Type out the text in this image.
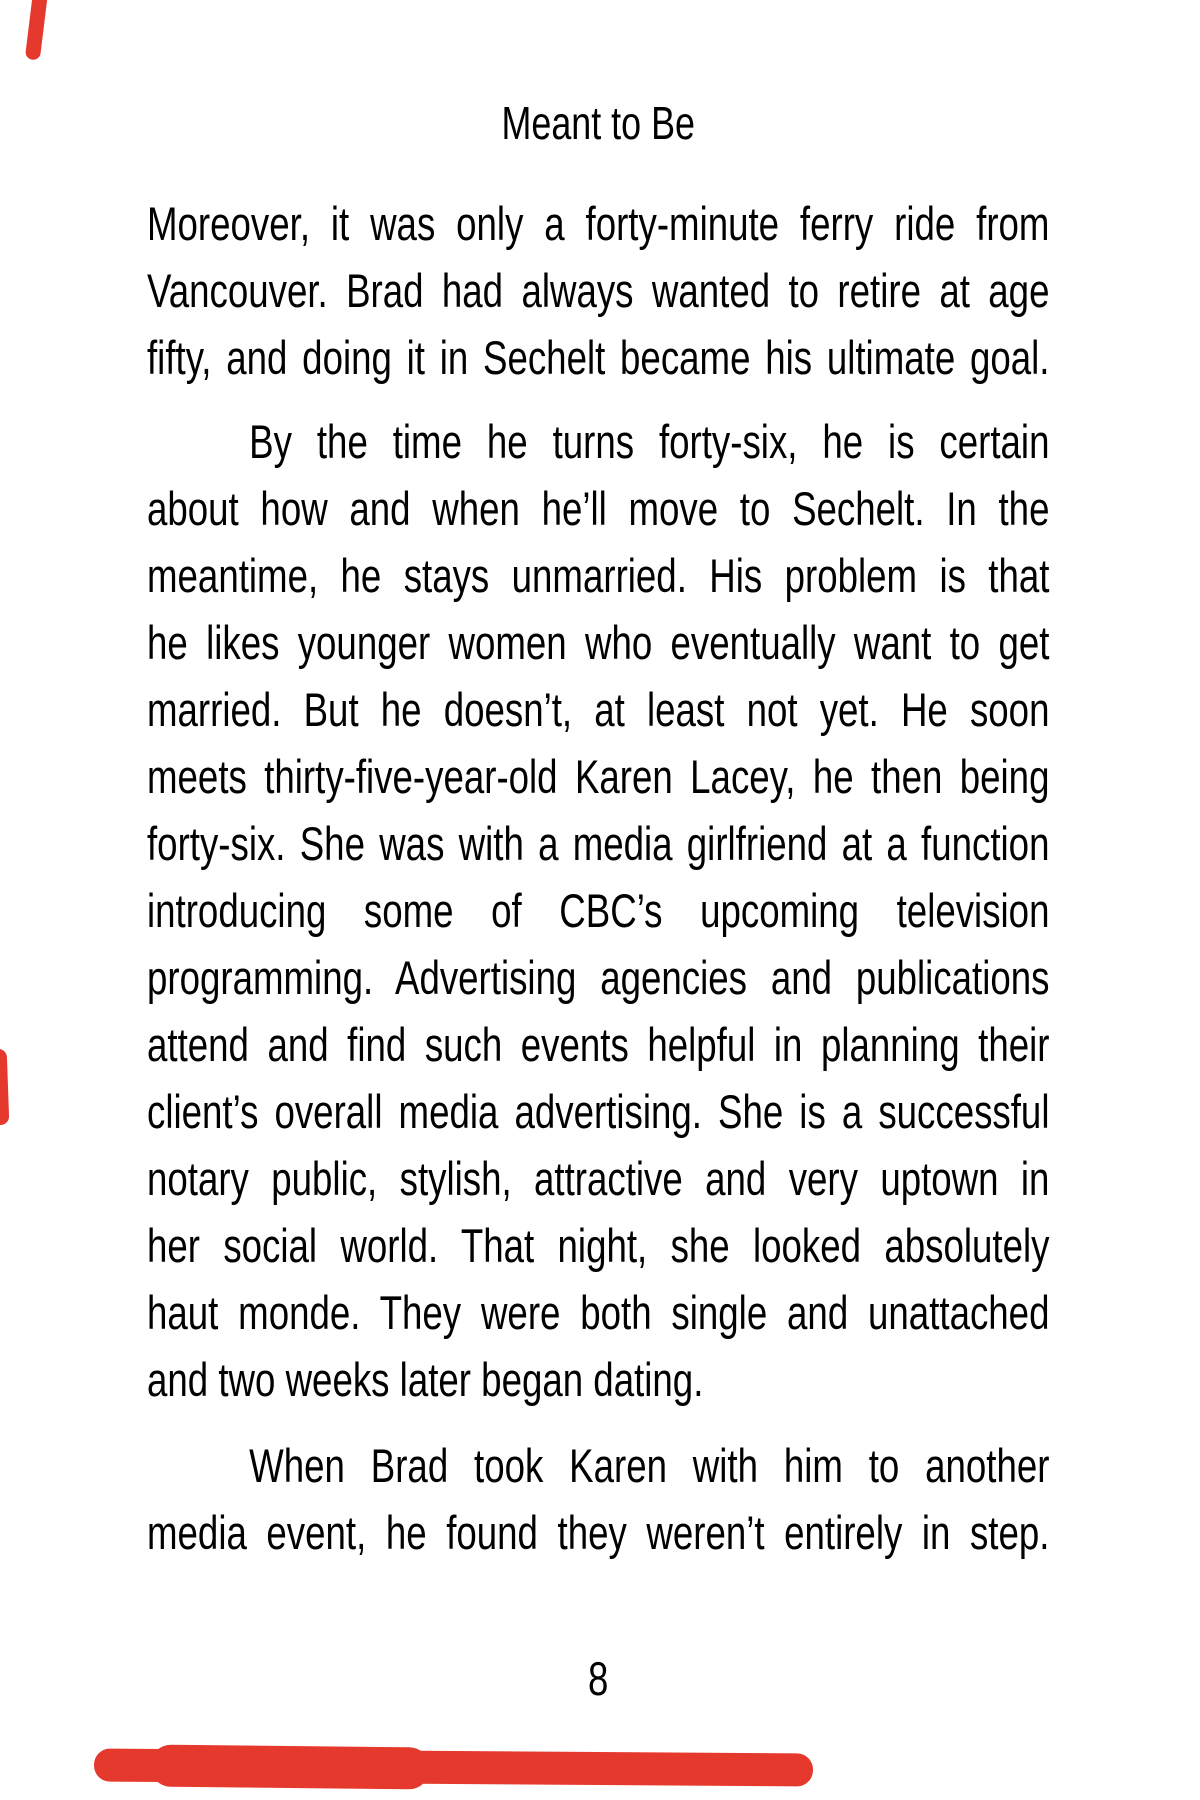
Meant to Be
Moreover, it was only a forty-minute ferry ride from
Vancouver. Brad had always wanted to retire at age
fifty, and doing it in Sechelt became his ultimate goal.
By the time he turns forty-six, he is certain
about how and when he’ll move to Sechelt. In the
meantime, he stays unmarried. His problem is that
he likes younger women who eventually want to get
married. But he doesn’t, at least not yet. He soon
meets thirty-five-year-old Karen Lacey, he then being
forty-six. She was with a media girlfriend at a function
introducing some of CBC’s upcoming television
programming. Advertising agencies and publications
attend and find such events helpful in planning their
client’s overall media advertising. She is a successful
notary public, stylish, attractive and very uptown in
her social world. That night, she looked absolutely
haut monde. They were both single and unattached
and two weeks later began dating.
When Brad took Karen with him to another
media event, he found they weren’t entirely in step.
8
